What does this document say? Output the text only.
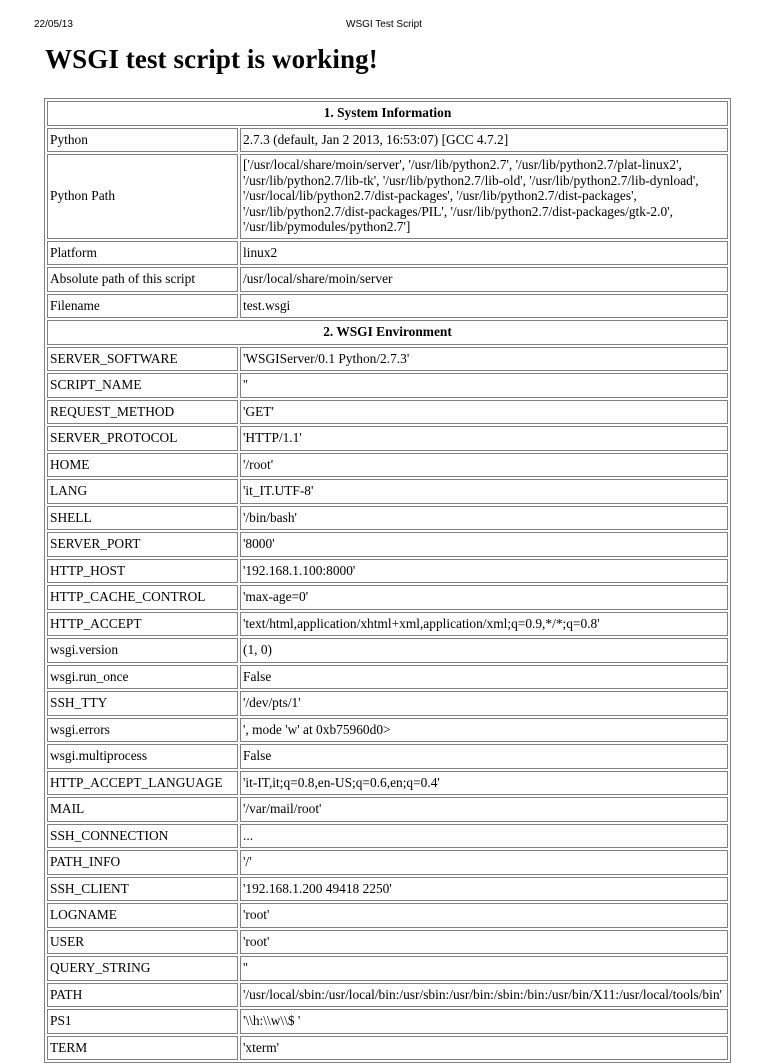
22/05/13	WSGI Test Script
WSGI test script is working!
1. System Information	
Python	2.7.3 (default, Jan 2 2013, 16:53:07) [GCC 4.7.2]
Python Path	['/usr/local/share/moin/server', '/usr/lib/python2.7', '/usr/lib/python2.7/plat-linux2', '/usr/lib/python2.7/lib-tk', '/usr/lib/python2.7/lib-old', '/usr/lib/python2.7/lib-dynload', '/usr/local/lib/python2.7/dist-packages', '/usr/lib/python2.7/dist-packages', '/usr/lib/python2.7/dist-packages/PIL', '/usr/lib/python2.7/dist-packages/gtk-2.0', '/usr/lib/pymodules/python2.7']
Platform	linux2
Absolute path of this script	/usr/local/share/moin/server
Filename	test.wsgi
2. WSGI Environment	
SERVER_SOFTWARE	'WSGIServer/0.1 Python/2.7.3'
SCRIPT_NAME	''
REQUEST_METHOD	'GET'
SERVER_PROTOCOL	'HTTP/1.1'
HOME	'/root'
LANG	'it_IT.UTF-8'
SHELL	'/bin/bash'
SERVER_PORT	'8000'
HTTP_HOST	'192.168.1.100:8000'
HTTP_CACHE_CONTROL	'max-age=0'
HTTP_ACCEPT	'text/html,application/xhtml+xml,application/xml;q=0.9,*/*;q=0.8'
wsgi.version	(1, 0)
wsgi.run_once	False
SSH_TTY	'/dev/pts/1'
wsgi.errors	', mode 'w' at 0xb75960d0>
wsgi.multiprocess	False
HTTP_ACCEPT_LANGUAGE	'it-IT,it;q=0.8,en-US;q=0.6,en;q=0.4'
MAIL	'/var/mail/root'
SSH_CONNECTION	...
PATH_INFO	'/'
SSH_CLIENT	'192.168.1.200 49418 2250'
LOGNAME	'root'
USER	'root'
QUERY_STRING	''
PATH	'/usr/local/sbin:/usr/local/bin:/usr/sbin:/usr/bin:/sbin:/bin:/usr/bin/X11:/usr/local/tools/bin'
PS1	'\\h:\\w\\$ '
TERM	'xterm'
